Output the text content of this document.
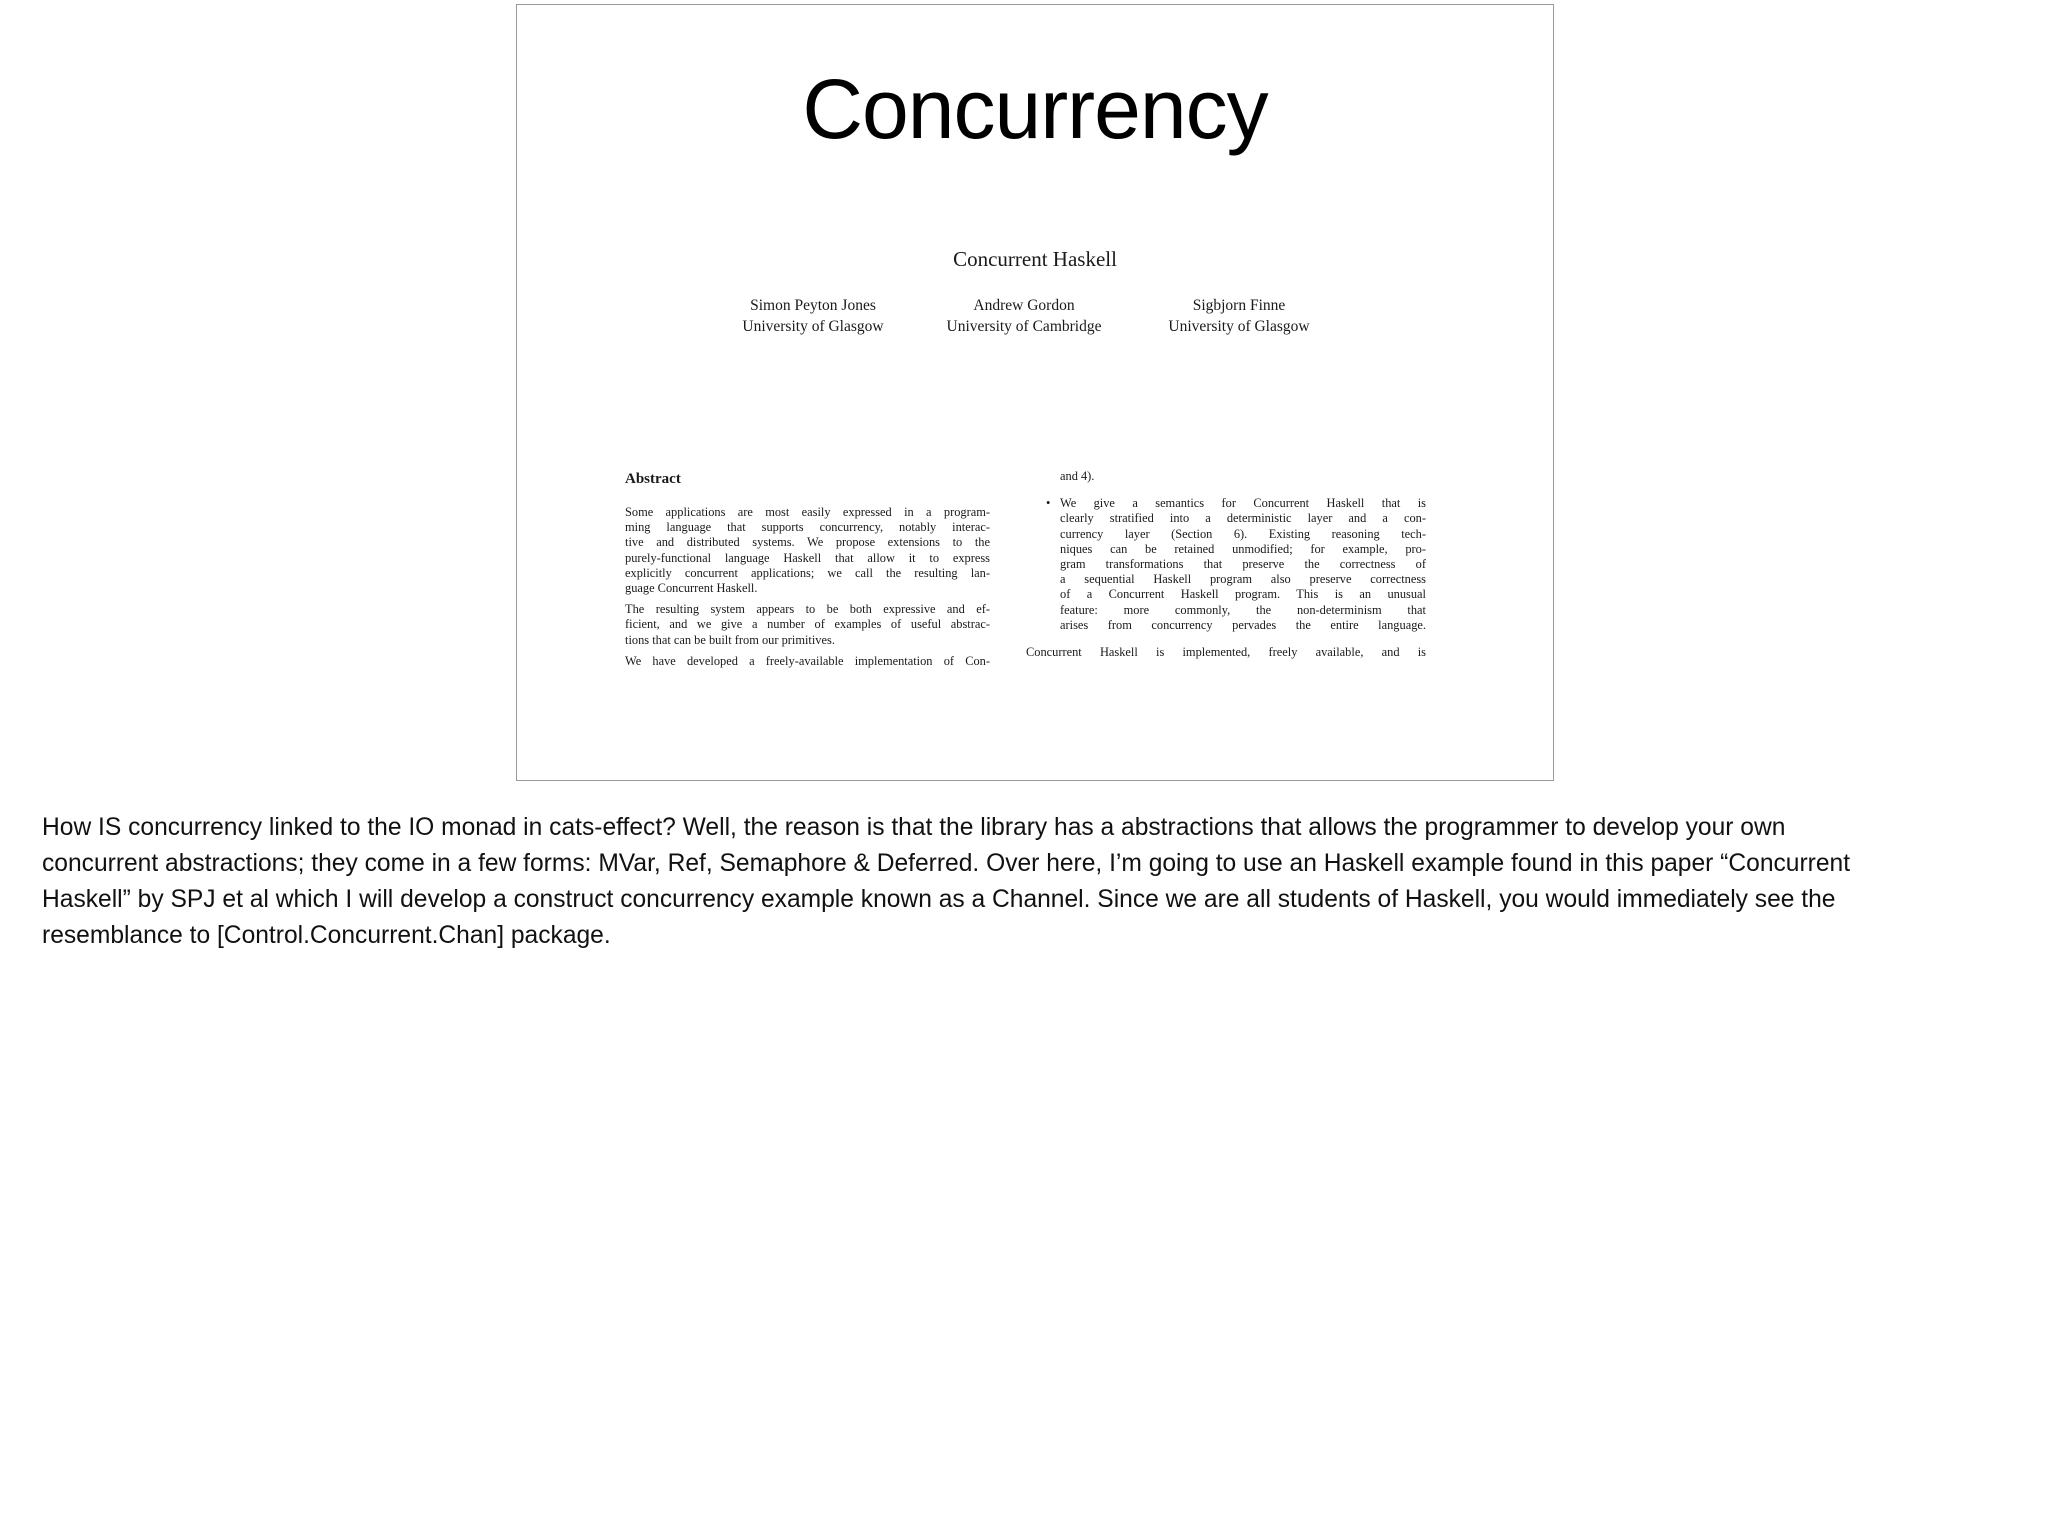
Concurrency
Concurrent Haskell
Simon Peyton Jones
University of Glasgow
Andrew Gordon
University of Cambridge
Sigbjorn Finne
University of Glasgow
Abstract

Some applications are most easily expressed in a program-
ming language that supports concurrency, notably interac-
tive and distributed systems. We propose extensions to the
purely-functional language Haskell that allow it to express
explicitly concurrent applications; we call the resulting lan-
guage Concurrent Haskell.

The resulting system appears to be both expressive and ef-
ficient, and we give a number of examples of useful abstrac-
tions that can be built from our primitives.

We have developed a freely-available implementation of Con-

and 4).
• We give a semantics for Concurrent Haskell that is
clearly stratified into a deterministic layer and a con-
currency layer (Section 6). Existing reasoning tech-
niques can be retained unmodified; for example, pro-
gram transformations that preserve the correctness of
a sequential Haskell program also preserve correctness
of a Concurrent Haskell program. This is an unusual
feature: more commonly, the non-determinism that
arises from concurrency pervades the entire language.
Concurrent Haskell is implemented, freely available, and is
How IS concurrency linked to the IO monad in cats-effect? Well, the reason is that the library has a abstractions that allows the programmer to develop your own
concurrent abstractions; they come in a few forms: MVar, Ref, Semaphore & Deferred. Over here, I’m going to use an Haskell example found in this paper “Concurrent
Haskell” by SPJ et al which I will develop a construct concurrency example known as a Channel. Since we are all students of Haskell, you would immediately see the
resemblance to [Control.Concurrent.Chan] package.
